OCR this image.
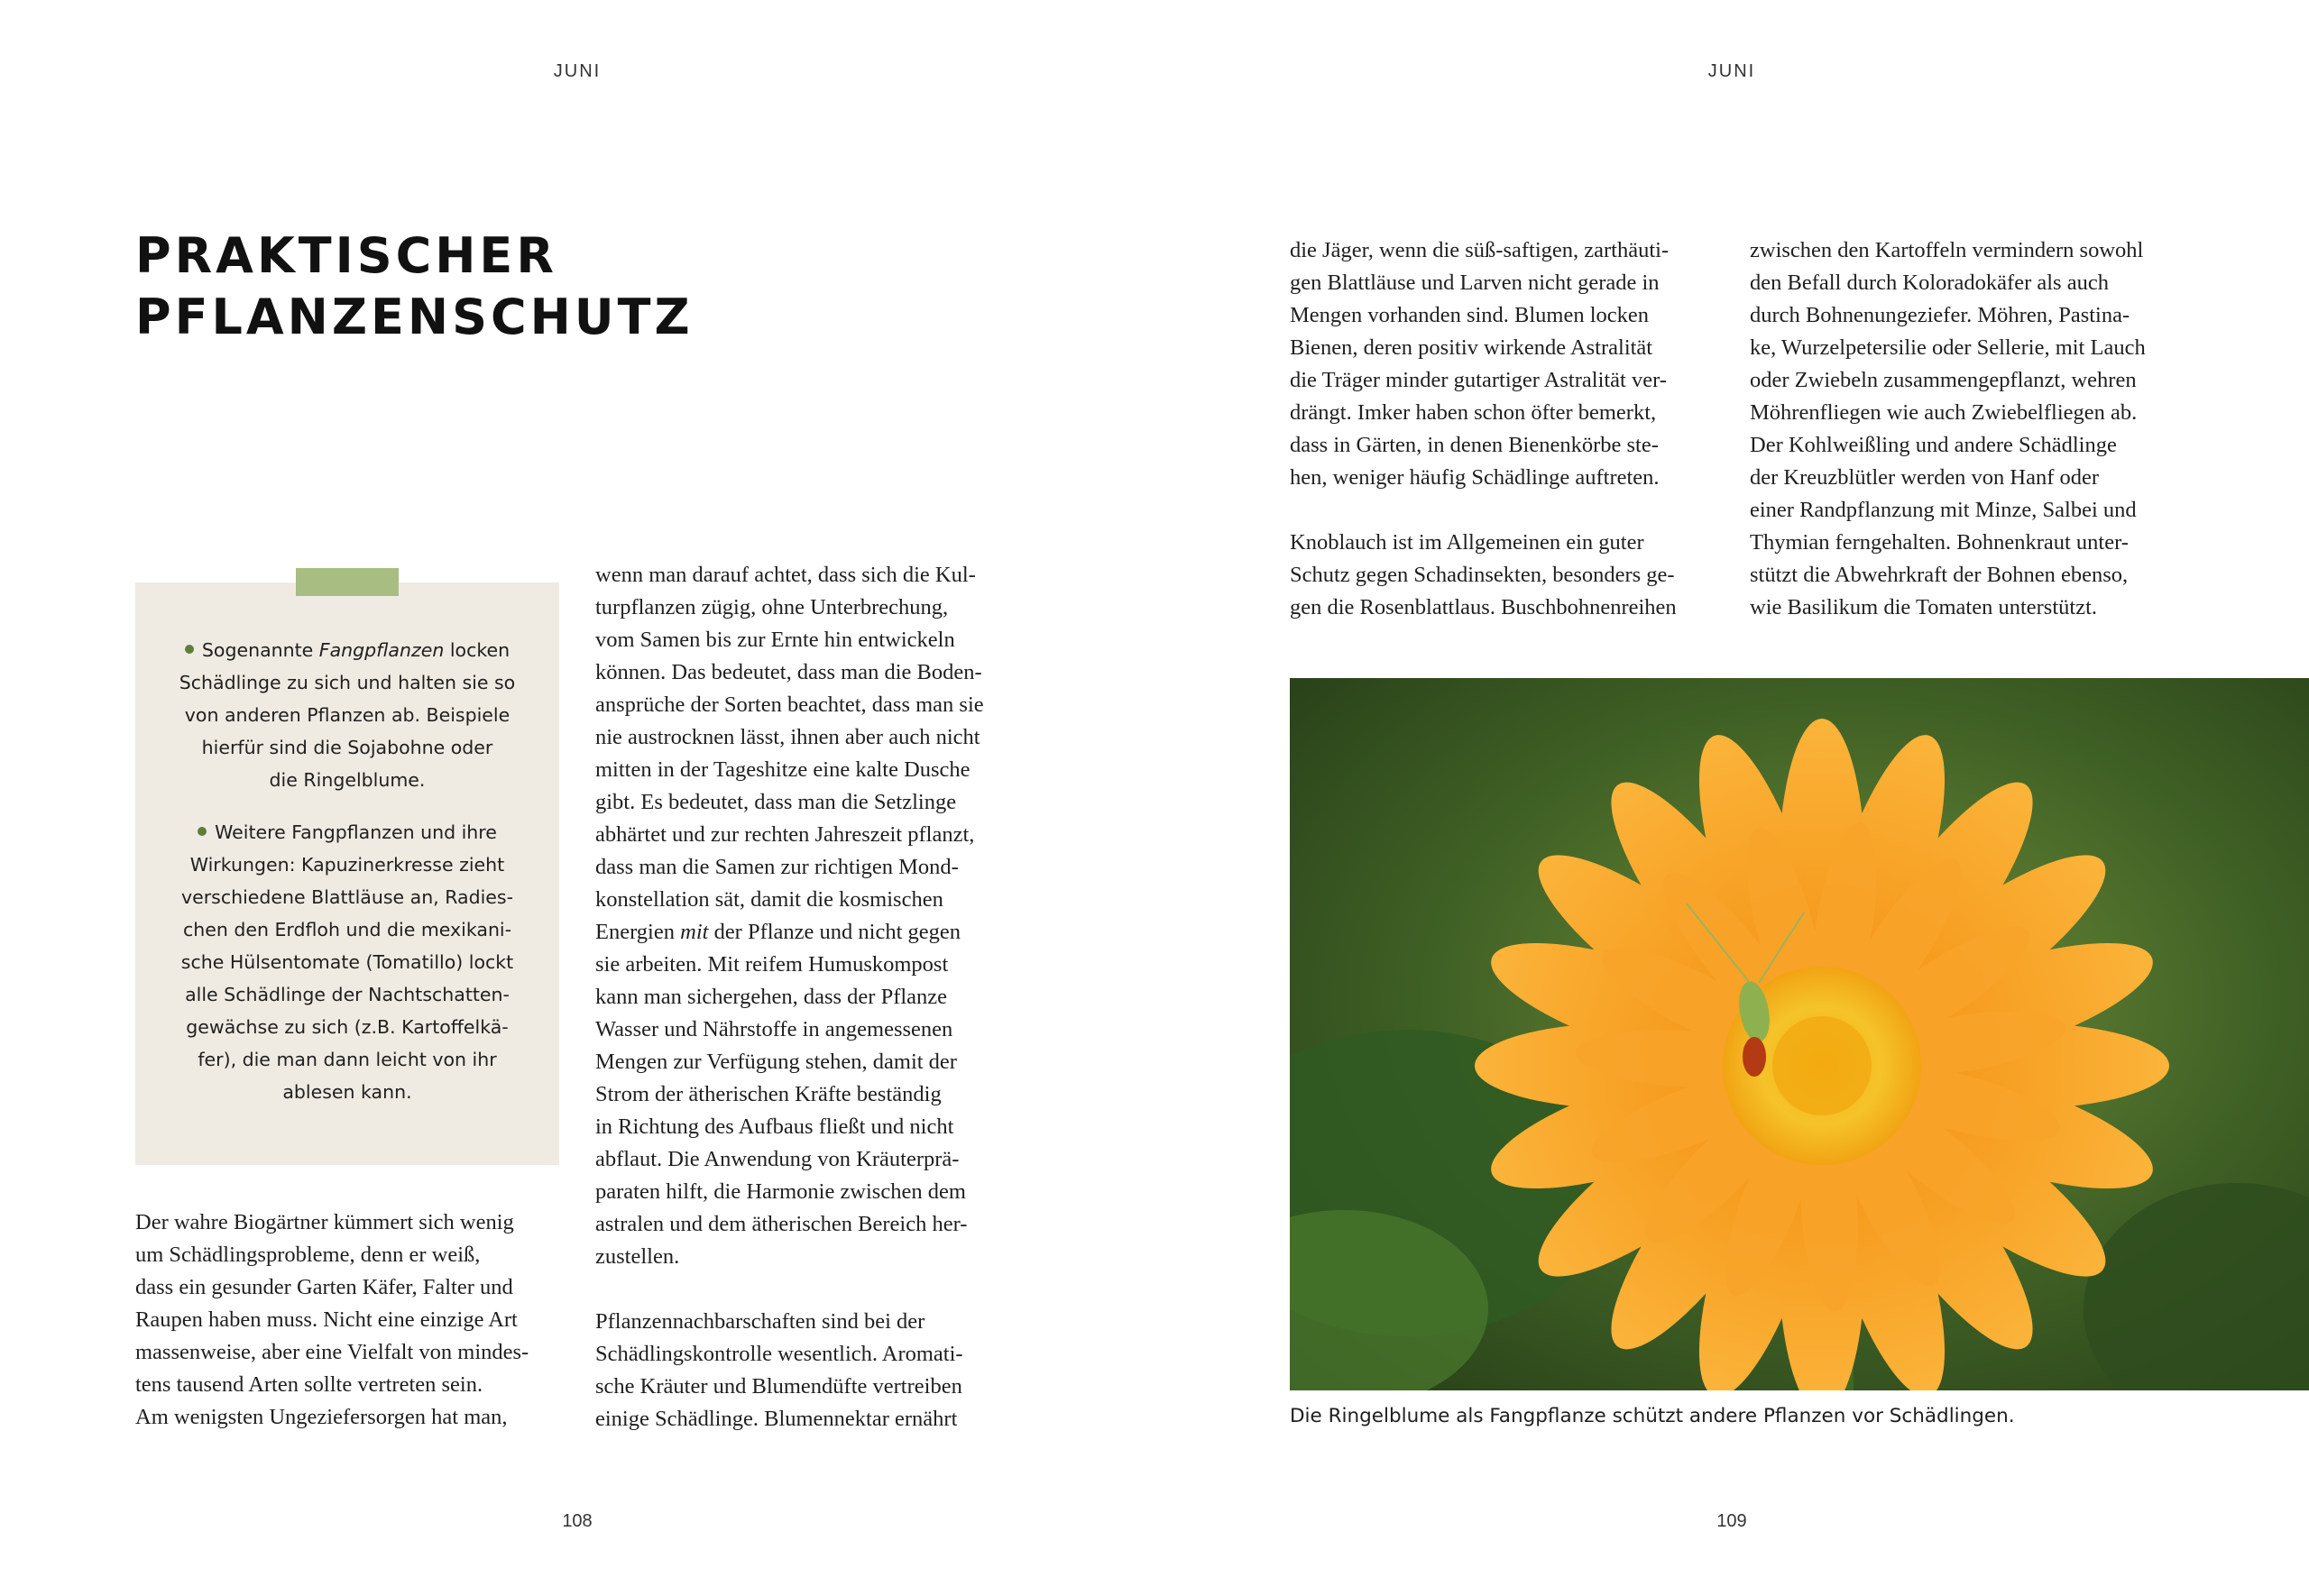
JUNI	JUNI
PRAKTISCHER
PFLANZENSCHUTZ
Sogenannte Fangpflanzen locken
Schädlinge zu sich und halten sie so
von anderen Pflanzen ab. Beispiele
hierfür sind die Sojabohne oder
die Ringelblume.
Weitere Fangpflanzen und ihre
Wirkungen: Kapuzinerkresse zieht
verschiedene Blattläuse an, Radies-
chen den Erdfloh und die mexikani-
sche Hülsentomate (Tomatillo) lockt
alle Schädlinge der Nachtschatten-
gewächse zu sich (z.B. Kartoffelkä-
fer), die man dann leicht von ihr
ablesen kann.
Der wahre Biogärtner kümmert sich wenig
um Schädlingsprobleme, denn er weiß,
dass ein gesunder Garten Käfer, Falter und
Raupen haben muss. Nicht eine einzige Art
massenweise, aber eine Vielfalt von mindes-
tens tausend Arten sollte vertreten sein.
Am wenigsten Ungeziefersorgen hat man,
wenn man darauf achtet, dass sich die Kul-
turpflanzen zügig, ohne Unterbrechung,
vom Samen bis zur Ernte hin entwickeln
können. Das bedeutet, dass man die Boden-
ansprüche der Sorten beachtet, dass man sie
nie austrocknen lässt, ihnen aber auch nicht
mitten in der Tageshitze eine kalte Dusche
gibt. Es bedeutet, dass man die Setzlinge
abhärtet und zur rechten Jahreszeit pflanzt,
dass man die Samen zur richtigen Mond-
konstellation sät, damit die kosmischen
Energien mit der Pflanze und nicht gegen
sie arbeiten. Mit reifem Humuskompost
kann man sichergehen, dass der Pflanze
Wasser und Nährstoffe in angemessenen
Mengen zur Verfügung stehen, damit der
Strom der ätherischen Kräfte beständig
in Richtung des Aufbaus fließt und nicht
abflaut. Die Anwendung von Kräuterprä-
paraten hilft, die Harmonie zwischen dem
astralen und dem ätherischen Bereich her-
zustellen.
Pflanzennachbarschaften sind bei der
Schädlingskontrolle wesentlich. Aromati-
sche Kräuter und Blumendüfte vertreiben
einige Schädlinge. Blumennektar ernährt
die Jäger, wenn die süß-saftigen, zarthäuti-
gen Blattläuse und Larven nicht gerade in
Mengen vorhanden sind. Blumen locken
Bienen, deren positiv wirkende Astralität
die Träger minder gutartiger Astralität ver-
drängt. Imker haben schon öfter bemerkt,
dass in Gärten, in denen Bienenkörbe ste-
hen, weniger häufig Schädlinge auftreten.
Knoblauch ist im Allgemeinen ein guter
Schutz gegen Schadinsekten, besonders ge-
gen die Rosenblattlaus. Buschbohnenreihen
zwischen den Kartoffeln vermindern sowohl
den Befall durch Koloradokäfer als auch
durch Bohnenungeziefer. Möhren, Pastina-
ke, Wurzelpetersilie oder Sellerie, mit Lauch
oder Zwiebeln zusammengepflanzt, wehren
Möhrenfliegen wie auch Zwiebelfliegen ab.
Der Kohlweißling und andere Schädlinge
der Kreuzblütler werden von Hanf oder
einer Randpflanzung mit Minze, Salbei und
Thymian ferngehalten. Bohnenkraut unter-
stützt die Abwehrkraft der Bohnen ebenso,
wie Basilikum die Tomaten unterstützt.
Die Ringelblume als Fangpflanze schützt andere Pflanzen vor Schädlingen.
108	109
